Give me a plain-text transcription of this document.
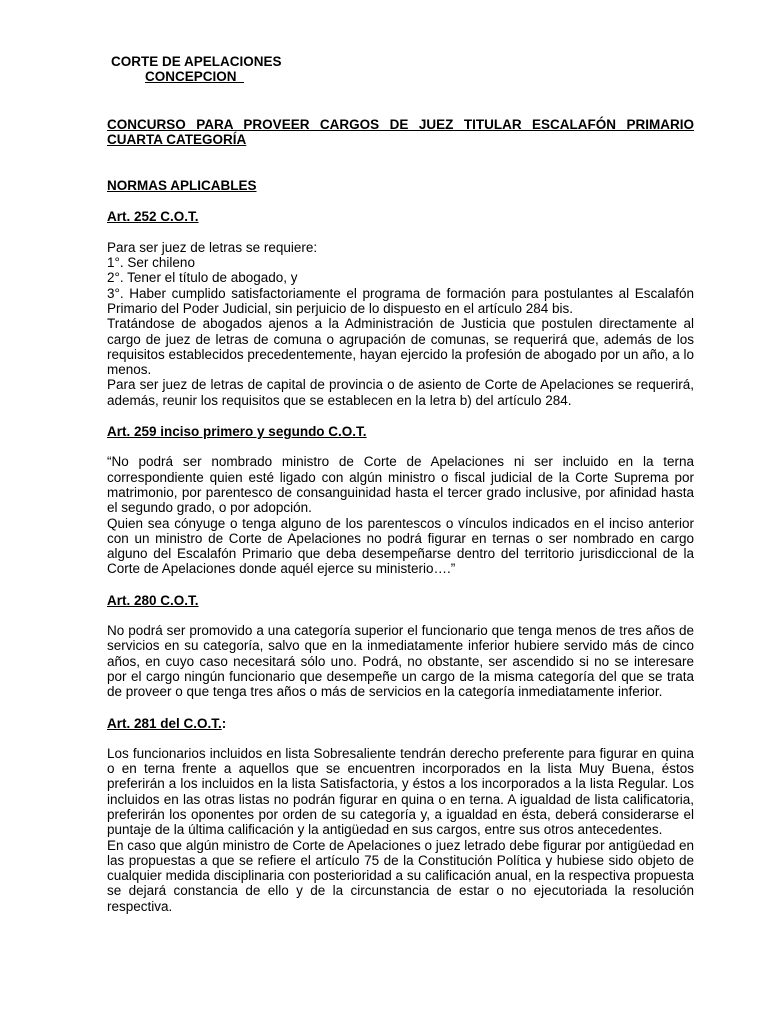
CORTE DE APELACIONES
CONCEPCION
CONCURSO PARA PROVEER CARGOS DE JUEZ TITULAR ESCALAFÓN PRIMARIO CUARTA CATEGORÍA
NORMAS APLICABLES
Art. 252 C.O.T.

Para ser juez de letras se requiere:

1°. Ser chileno

2°. Tener el título de abogado, y

3°. Haber cumplido satisfactoriamente el programa de formación para postulantes al Escalafón Primario del Poder Judicial, sin perjuicio de lo dispuesto en el artículo 284 bis.

Tratándose de abogados ajenos a la Administración de Justicia que postulen directamente al cargo de juez de letras de comuna o agrupación de comunas, se requerirá que, además de los requisitos establecidos precedentemente, hayan ejercido la profesión de abogado por un año, a lo menos.

Para ser juez de letras de capital de provincia o de asiento de Corte de Apelaciones se requerirá, además, reunir los requisitos que se establecen en la letra b) del artículo 284.

Art. 259 inciso primero y segundo C.O.T.

“No podrá ser nombrado ministro de Corte de Apelaciones ni ser incluido en la terna correspondiente quien esté ligado con algún ministro o fiscal judicial de la Corte Suprema por matrimonio, por parentesco de consanguinidad hasta el tercer grado inclusive, por afinidad hasta el segundo grado, o por adopción.

Quien sea cónyuge o tenga alguno de los parentescos o vínculos indicados en el inciso anterior con un ministro de Corte de Apelaciones no podrá figurar en ternas o ser nombrado en cargo alguno del Escalafón Primario que deba desempeñarse dentro del territorio jurisdiccional de la Corte de Apelaciones donde aquél ejerce su ministerio….”

Art. 280 C.O.T.

No podrá ser promovido a una categoría superior el funcionario que tenga menos de tres años de servicios en su categoría, salvo que en la inmediatamente inferior hubiere servido más de cinco años, en cuyo caso necesitará sólo uno. Podrá, no obstante, ser ascendido si no se interesare por el cargo ningún funcionario que desempeñe un cargo de la misma categoría del que se trata de proveer o que tenga tres años o más de servicios en la categoría inmediatamente inferior.

Art. 281 del C.O.T.:

Los funcionarios incluidos en lista Sobresaliente tendrán derecho preferente para figurar en quina o en terna frente a aquellos que se encuentren incorporados en la lista Muy Buena, éstos preferirán a los incluidos en la lista Satisfactoria, y éstos a los incorporados a la lista Regular. Los incluidos en las otras listas no podrán figurar en quina o en terna. A igualdad de lista calificatoria, preferirán los oponentes por orden de su categoría y, a igualdad en ésta, deberá considerarse el puntaje de la última calificación y la antigüedad en sus cargos, entre sus otros antecedentes.

En caso que algún ministro de Corte de Apelaciones o juez letrado debe figurar por antigüedad en las propuestas a que se refiere el artículo 75 de la Constitución Política y hubiese sido objeto de cualquier medida disciplinaria con posterioridad a su calificación anual, en la respectiva propuesta se dejará constancia de ello y de la circunstancia de estar o no ejecutoriada la resolución respectiva.
